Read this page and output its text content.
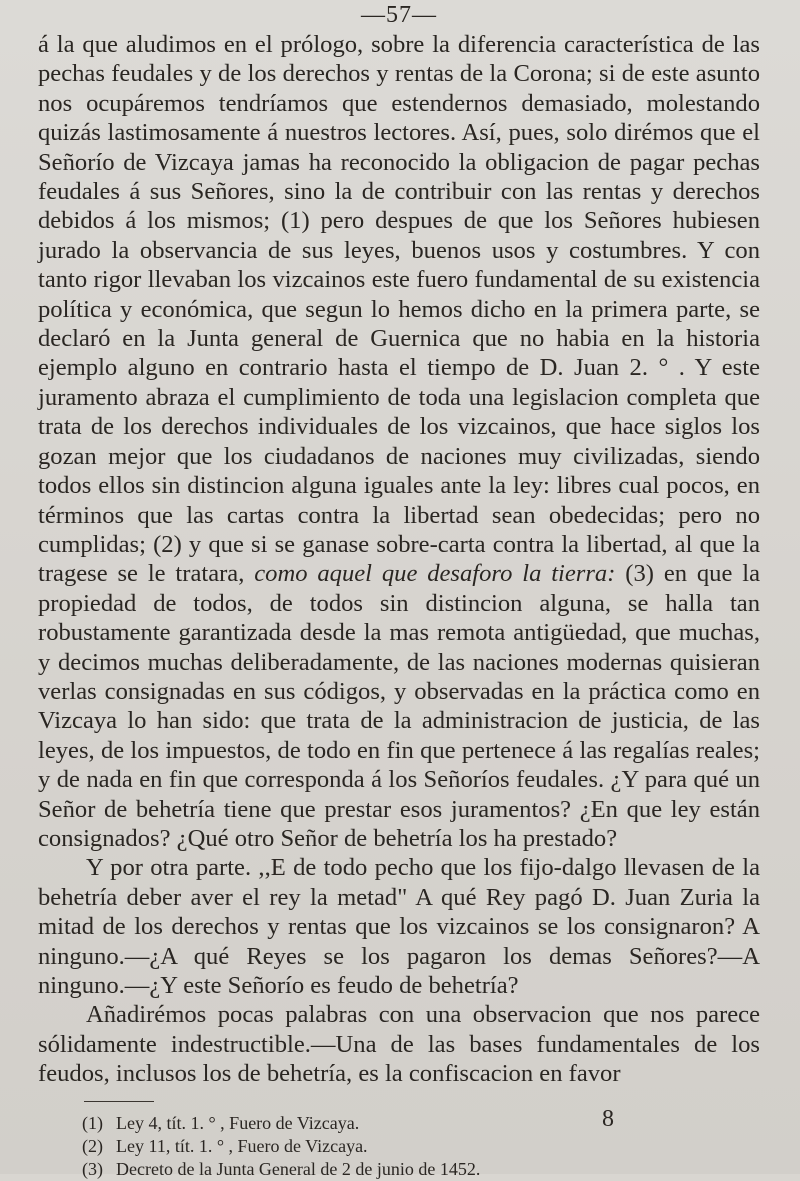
—57—

á la que aludimos en el prólogo, sobre la diferencia característica de las pechas feudales y de los derechos y rentas de la Corona; si de este asunto nos ocupáremos tendríamos que estendernos demasiado, molestando quizás lastimosamente á nuestros lectores. Así, pues, solo dirémos que el Señorío de Vizcaya jamas ha reconocido la obligacion de pagar pechas feudales á sus Señores, sino la de contribuir con las rentas y derechos debidos á los mismos; (1) pero despues de que los Señores hubiesen jurado la observancia de sus leyes, buenos usos y costumbres. Y con tanto rigor llevaban los vizcainos este fuero fundamental de su existencia política y económica, que segun lo hemos dicho en la primera parte, se declaró en la Junta general de Guernica que no habia en la historia ejemplo alguno en contrario hasta el tiempo de D. Juan 2. ° . Y este juramento abraza el cumplimiento de toda una legislacion completa que trata de los derechos individuales de los vizcainos, que hace siglos los gozan mejor que los ciudadanos de naciones muy civilizadas, siendo todos ellos sin distincion alguna iguales ante la ley: libres cual pocos, en términos que las cartas contra la libertad sean obedecidas; pero no cumplidas; (2) y que si se ganase sobre-carta contra la libertad, al que la tragese se le tratara, como aquel que desaforo la tierra: (3) en que la propiedad de todos, de todos sin distincion alguna, se halla tan robustamente garantizada desde la mas remota antigüedad, que muchas, y decimos muchas deliberadamente, de las naciones modernas quisieran verlas consignadas en sus códigos, y observadas en la práctica como en Vizcaya lo han sido: que trata de la administracion de justicia, de las leyes, de los impuestos, de todo en fin que pertenece á las regalías reales; y de nada en fin que corresponda á los Señoríos feudales. ¿Y para qué un Señor de behetría tiene que prestar esos juramentos? ¿En que ley están consignados? ¿Qué otro Señor de behetría los ha prestado?

Y por otra parte. ,,E de todo pecho que los fijo-dalgo llevasen de la behetría deber aver el rey la metad" A qué Rey pagó D. Juan Zuria la mitad de los derechos y rentas que los vizcainos se los consignaron? A ninguno.—¿A qué Reyes se los pagaron los demas Señores?—A ninguno.—¿Y este Señorío es feudo de behetría?

Añadirémos pocas palabras con una observacion que nos parece sólidamente indestructible.—Una de las bases fundamentales de los feudos, inclusos los de behetría, es la confiscacion en favor

(1) Ley 4, tít. 1. ° , Fuero de Vizcaya.

(2) Ley 11, tít. 1. ° , Fuero de Vizcaya.

(3) Decreto de la Junta General de 2 de junio de 1452.

8
